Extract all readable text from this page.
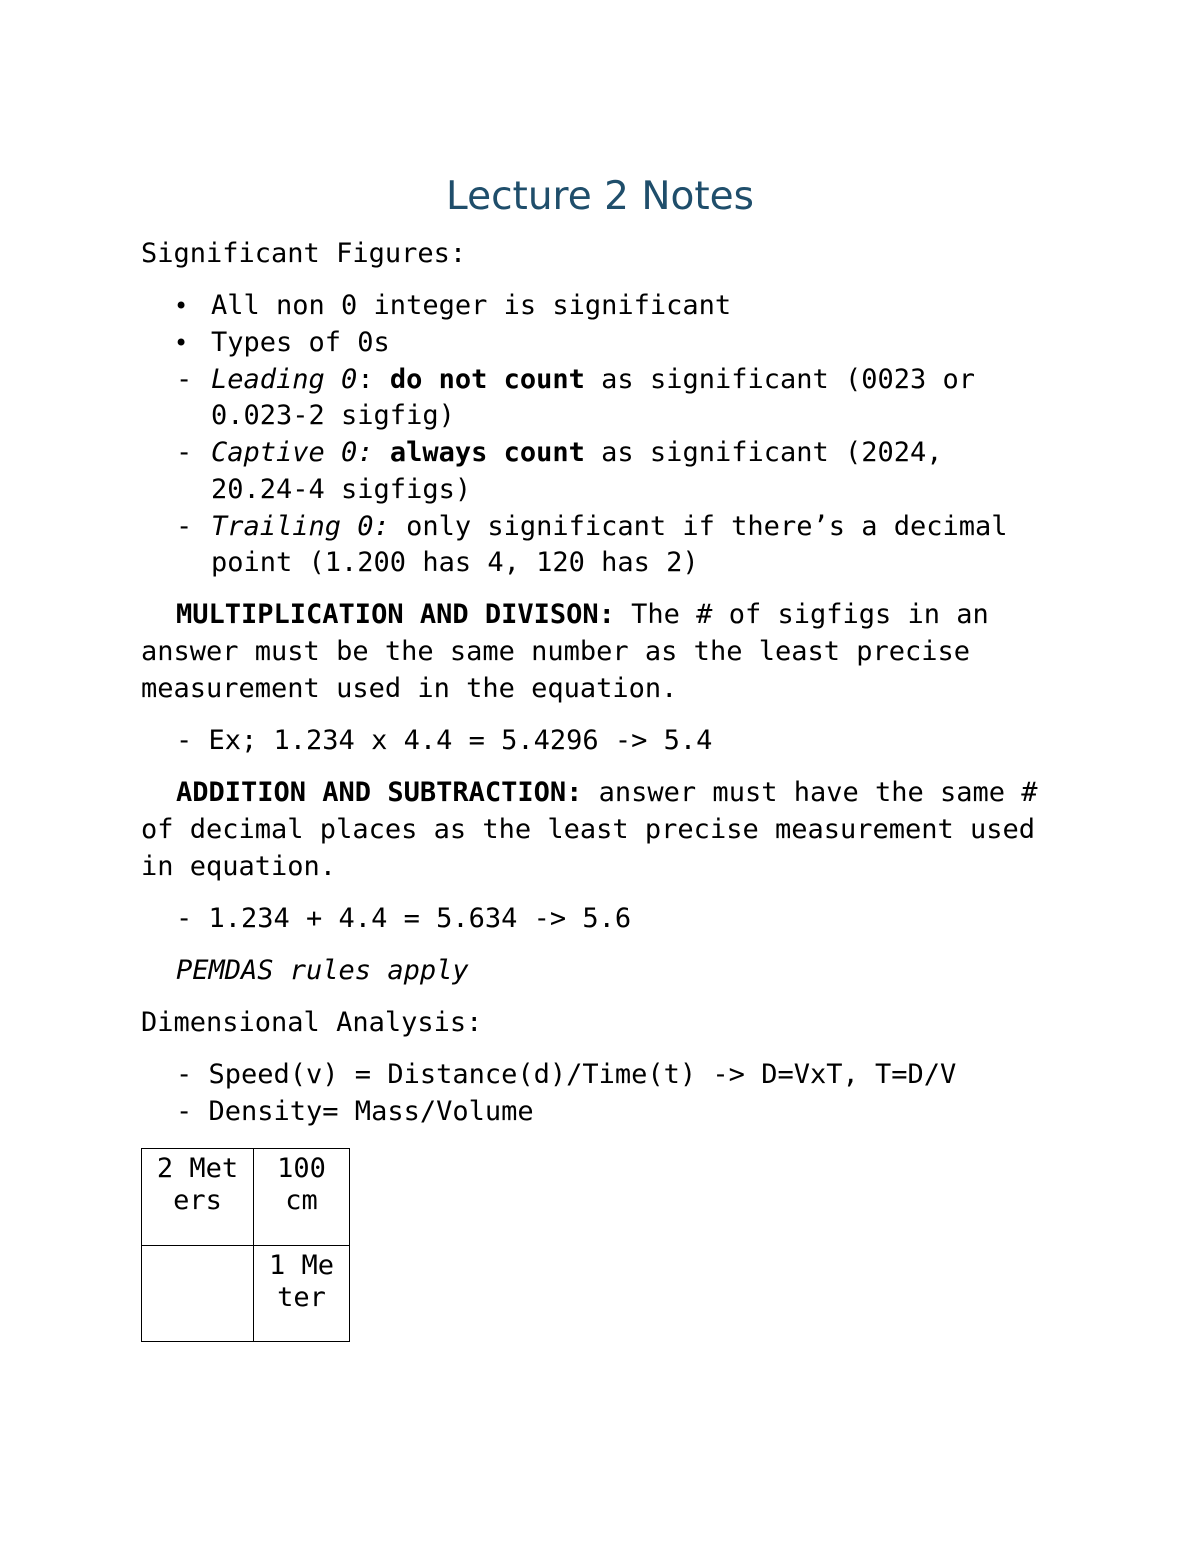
Lecture 2 Notes
Significant Figures:
• All non 0 integer is significant
• Types of 0s
- Leading 0: do not count as significant (0023 or
0.023-2 sigfig)
- Captive 0: always count as significant (2024,
20.24-4 sigfigs)
- Trailing 0: only significant if there’s a decimal
point (1.200 has 4, 120 has 2)
MULTIPLICATION AND DIVISON: The # of sigfigs in an
answer must be the same number as the least precise
measurement used in the equation.
- Ex; 1.234 x 4.4 = 5.4296 -> 5.4
ADDITION AND SUBTRACTION: answer must have the same #
of decimal places as the least precise measurement used
in equation.
- 1.234 + 4.4 = 5.634 -> 5.6
PEMDAS rules apply
Dimensional Analysis:
- Speed(v) = Distance(d)/Time(t) -> D=VxT, T=D/V
- Density= Mass/Volume
2 Meters	100 cm

	1 Meter
